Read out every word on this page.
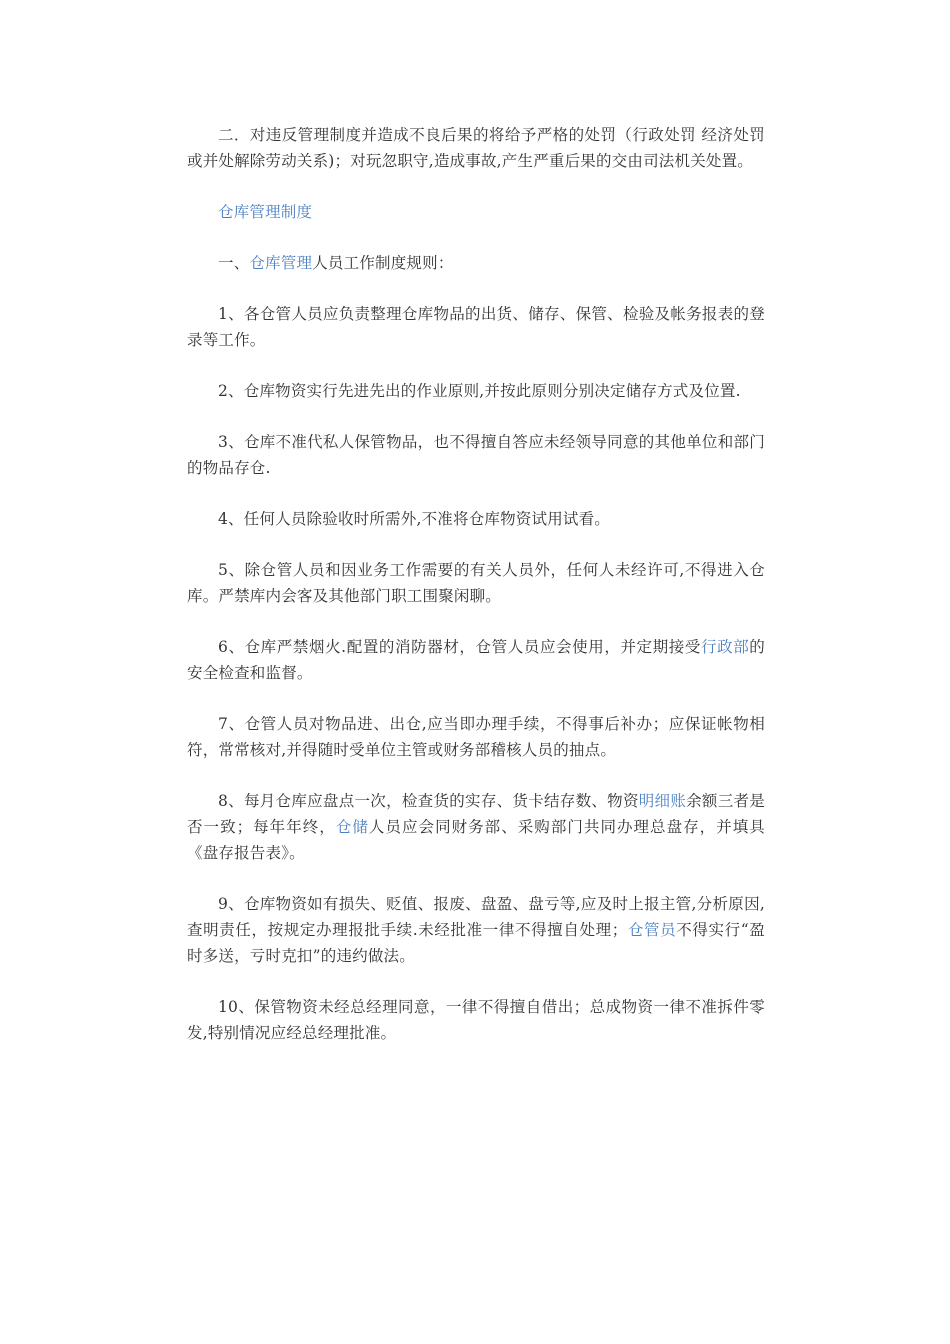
二．对违反管理制度并造成不良后果的将给予严格的处罚（行政处罚 经济处罚或并处解除劳动关系)；对玩忽职守,造成事故,产生严重后果的交由司法机关处置。

仓库管理制度

一、仓库管理人员工作制度规则：

1、各仓管人员应负责整理仓库物品的出货、储存、保管、检验及帐务报表的登录等工作。

2、仓库物资实行先进先出的作业原则,并按此原则分别决定储存方式及位置.

3、仓库不准代私人保管物品，也不得擅自答应未经领导同意的其他单位和部门的物品存仓.

4、任何人员除验收时所需外,不准将仓库物资试用试看。

5、除仓管人员和因业务工作需要的有关人员外，任何人未经许可,不得进入仓库。严禁库内会客及其他部门职工围聚闲聊。

6、仓库严禁烟火.配置的消防器材，仓管人员应会使用，并定期接受行政部的安全检查和监督。

7、仓管人员对物品进、出仓,应当即办理手续，不得事后补办；应保证帐物相符，常常核对,并得随时受单位主管或财务部稽核人员的抽点。

8、每月仓库应盘点一次，检查货的实存、货卡结存数、物资明细账余额三者是否一致；每年年终，仓储人员应会同财务部、采购部门共同办理总盘存，并填具《盘存报告表》。

9、仓库物资如有损失、贬值、报废、盘盈、盘亏等,应及时上报主管,分析原因,查明责任，按规定办理报批手续.未经批准一律不得擅自处理；仓管员不得实行“盈时多送，亏时克扣”的违约做法。

10、保管物资未经总经理同意，一律不得擅自借出；总成物资一律不准拆件零发,特别情况应经总经理批准。
